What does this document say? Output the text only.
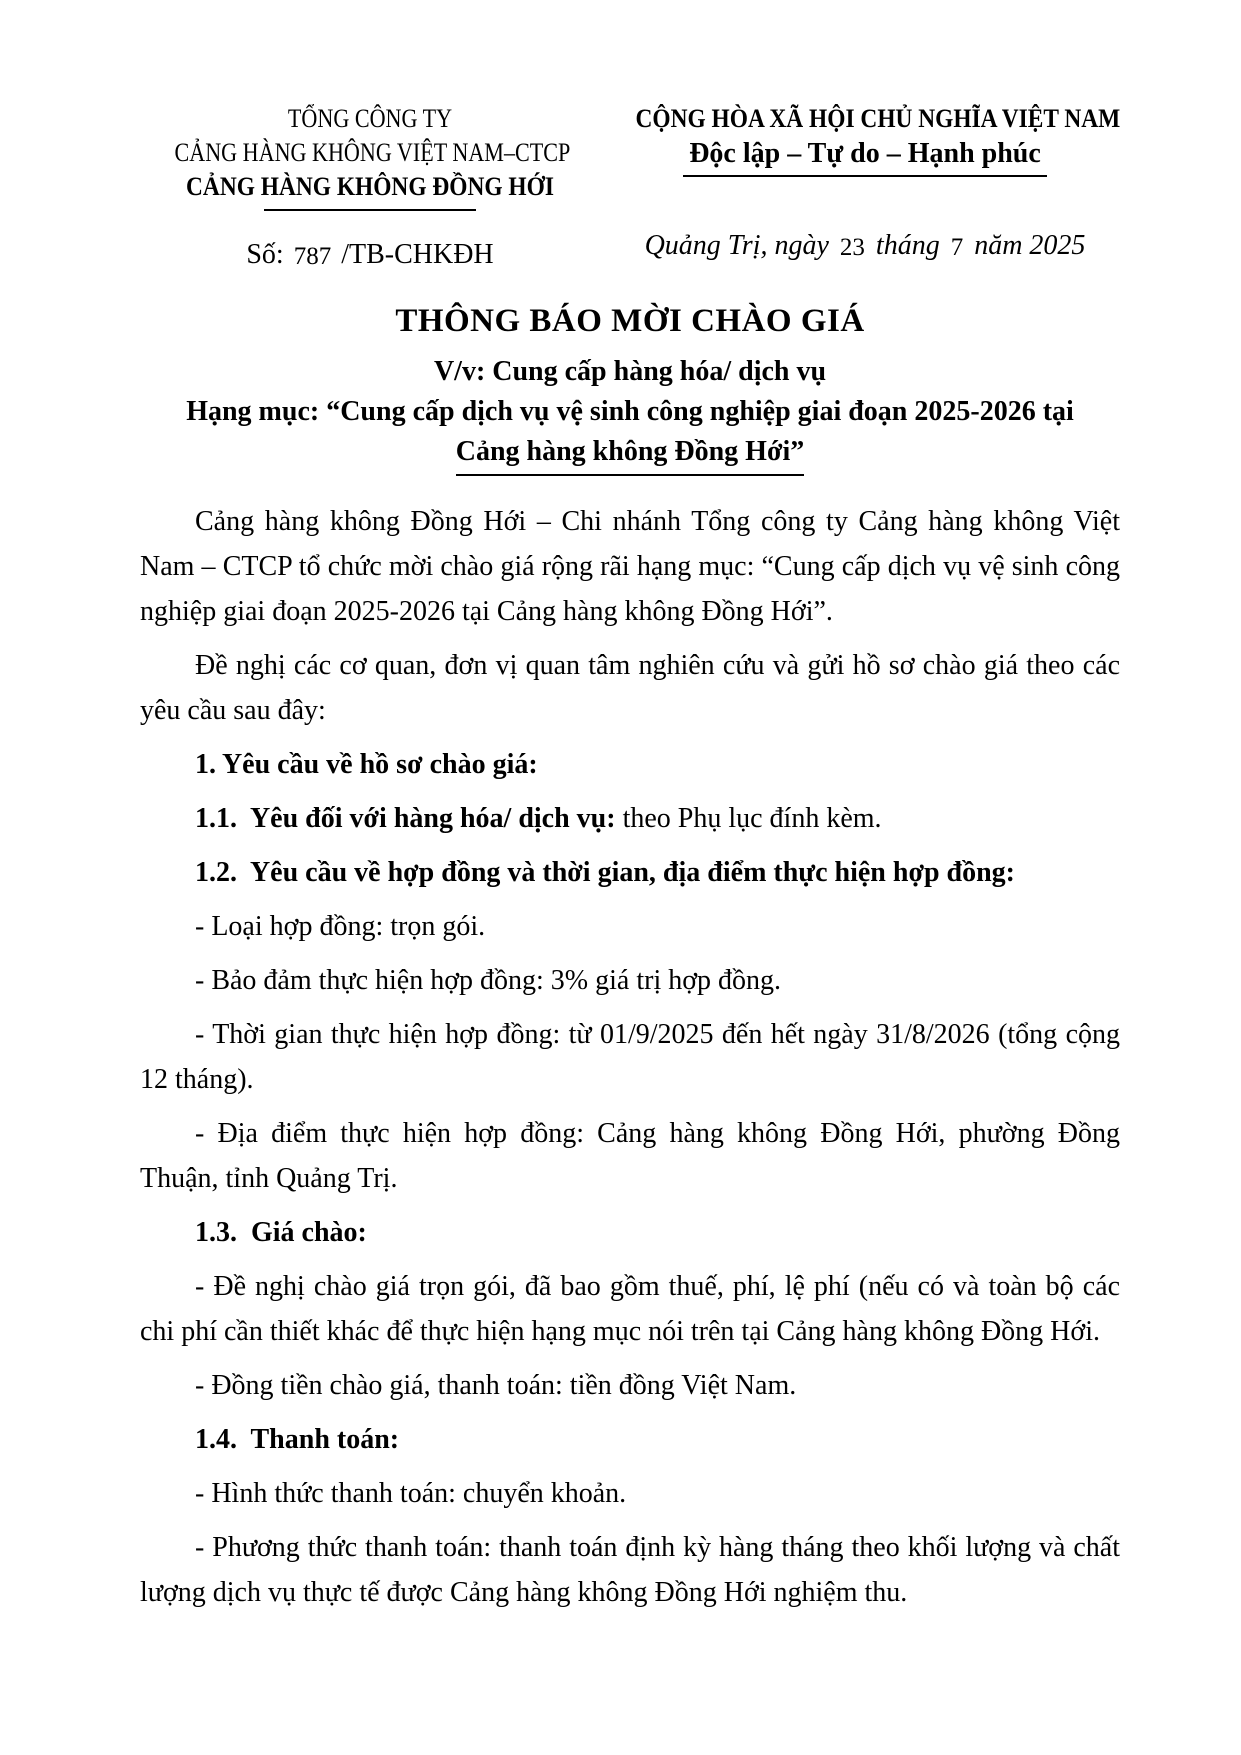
TỔNG CÔNG TY
CẢNG HÀNG KHÔNG VIỆT NAM–CTCP
CẢNG HÀNG KHÔNG ĐỒNG HỚI
Số: 787 /TB-CHKĐH
CỘNG HÒA XÃ HỘI CHỦ NGHĨA VIỆT NAM
Độc lập – Tự do – Hạnh phúc
Quảng Trị, ngày 23 tháng 7 năm 2025
THÔNG BÁO MỜI CHÀO GIÁ
V/v: Cung cấp hàng hóa/ dịch vụ
Hạng mục: “Cung cấp dịch vụ vệ sinh công nghiệp giai đoạn 2025-2026 tại
Cảng hàng không Đồng Hới”

Cảng hàng không Đồng Hới – Chi nhánh Tổng công ty Cảng hàng không Việt Nam – CTCP tổ chức mời chào giá rộng rãi hạng mục: “Cung cấp dịch vụ vệ sinh công nghiệp giai đoạn 2025-2026 tại Cảng hàng không Đồng Hới”.

Đề nghị các cơ quan, đơn vị quan tâm nghiên cứu và gửi hồ sơ chào giá theo các yêu cầu sau đây:

1. Yêu cầu về hồ sơ chào giá:

1.1.  Yêu đối với hàng hóa/ dịch vụ: theo Phụ lục đính kèm.

1.2.  Yêu cầu về hợp đồng và thời gian, địa điểm thực hiện hợp đồng:

- Loại hợp đồng: trọn gói.

- Bảo đảm thực hiện hợp đồng: 3% giá trị hợp đồng.

- Thời gian thực hiện hợp đồng: từ 01/9/2025 đến hết ngày 31/8/2026 (tổng cộng 12 tháng).

- Địa điểm thực hiện hợp đồng: Cảng hàng không Đồng Hới, phường Đồng Thuận, tỉnh Quảng Trị.

1.3.  Giá chào:

- Đề nghị chào giá trọn gói, đã bao gồm thuế, phí, lệ phí (nếu có và toàn bộ các chi phí cần thiết khác để thực hiện hạng mục nói trên tại Cảng hàng không Đồng Hới.

- Đồng tiền chào giá, thanh toán: tiền đồng Việt Nam.

1.4.  Thanh toán:

- Hình thức thanh toán: chuyển khoản.

- Phương thức thanh toán: thanh toán định kỳ hàng tháng theo khối lượng và chất lượng dịch vụ thực tế được Cảng hàng không Đồng Hới nghiệm thu.
